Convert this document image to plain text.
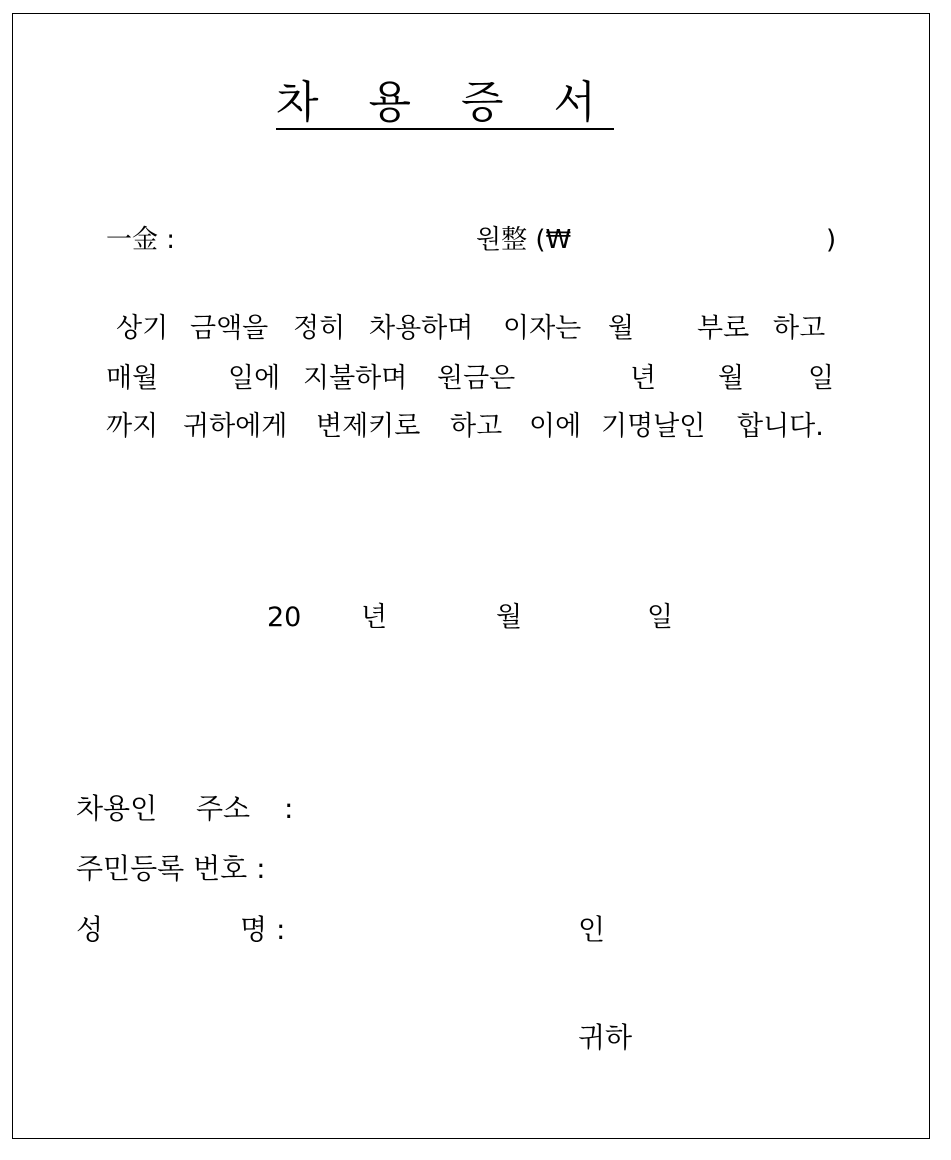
차 용 증 서
一金 :	원整 (₩	)
상기 금액을 정히 차용하며 이자는 월 부로 하고
매월	일에 지불하며 원금은	년 월 일
까지 귀하에게 변제키로 하고 이에 기명날인 합니다.
20 년	월	일
차용인 주소 :
주민등록 번호 :
성	명 :	인
귀하
